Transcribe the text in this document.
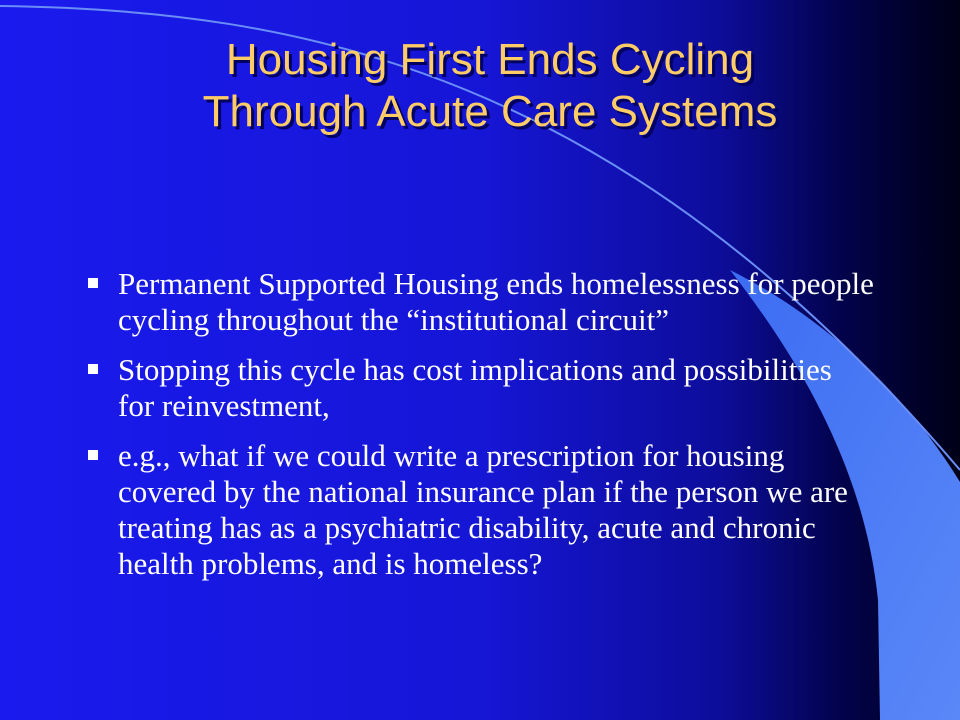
Housing First Ends Cycling
Through Acute Care Systems
Permanent Supported Housing ends homelessness for people cycling throughout the “institutional circuit”
Stopping this cycle has cost implications and possibilities for reinvestment,
e.g., what if we could write a prescription for housing covered by the national insurance plan if the person we are treating has as a psychiatric disability, acute and chronic health problems, and is homeless?
